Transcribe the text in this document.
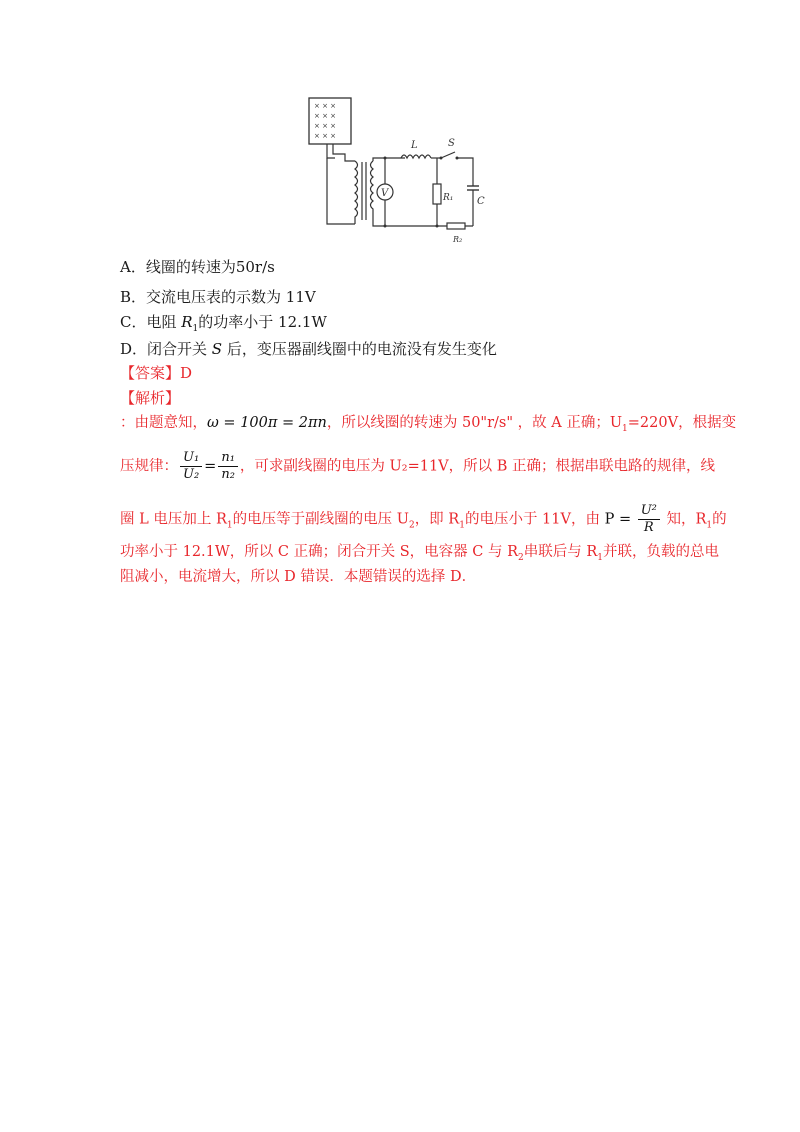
× × ×
× × ×
× × ×
× × ×
V
L	S
R₁ C
R₂
A．线圈的转速为50r/s
B．交流电压表的示数为 11V
C．电阻 $R_1$的功率小于 12.1W
D．闭合开关 S 后，变压器副线圈中的电流没有发生变化
【答案】D
【解析】
：由题意知，ω = 100π = 2πn，所以线圈的转速为 50"r/s" ，故 A 正确；$U_1=220V$，根据变
压规律： $\frac{\text{U₁}}{\text{U₂}} = \frac{\text{n₁}}{\text{n₂}}$ ，可求副线圈的电压为 U₂=11V，所以 B 正确；根据串联电路的规律，线
圈 L 电压加上 $R_1$的电压等于副线圈的电压 $U_2$，即 $R_1$的电压小于 11V，由 $P = \frac{\text{U²}}{R}$ 知，$R_1$的
功率小于 12.1W，所以 C 正确；闭合开关 S，电容器 C 与 $R_2$串联后与 $R_1$并联，负载的总电
阻减小，电流增大，所以 D 错误．本题错误的选择 D．
